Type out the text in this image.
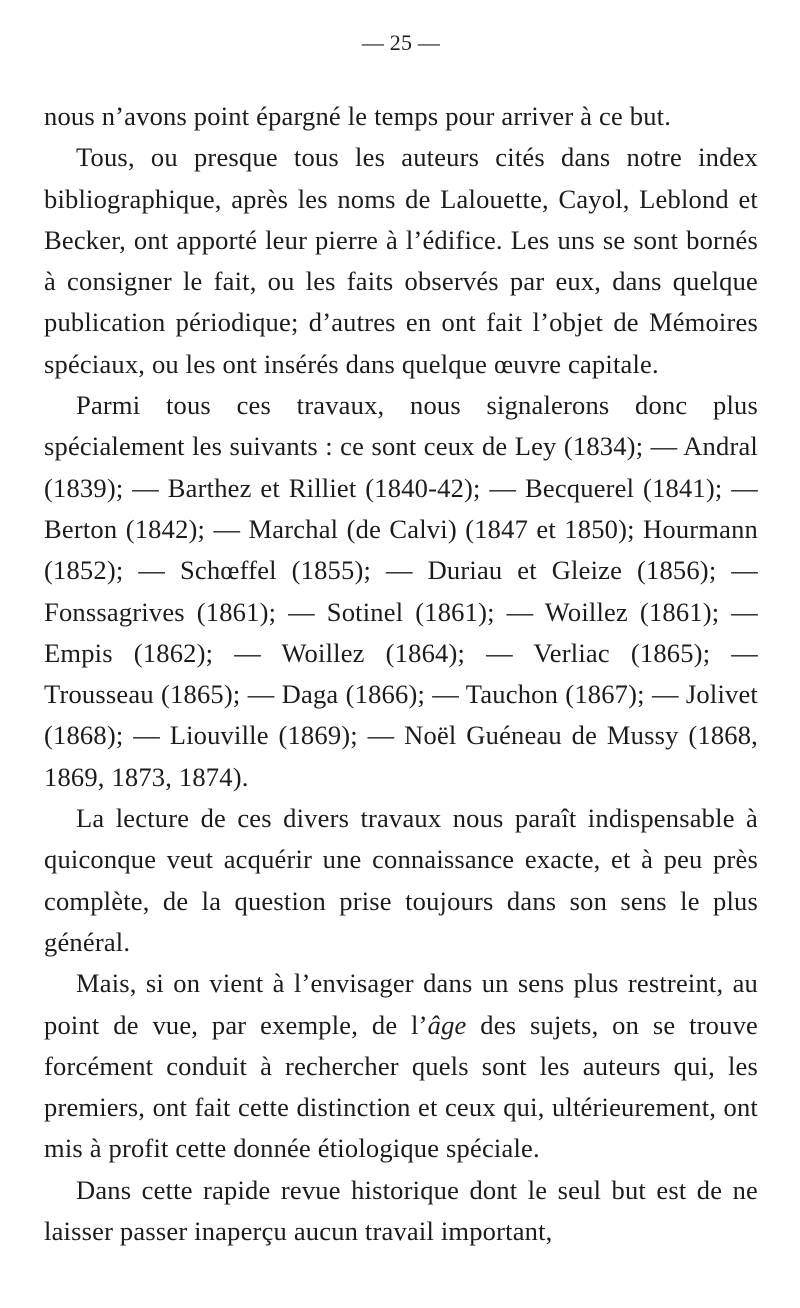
— 25 —

nous n’avons point épargné le temps pour arriver à ce but.

Tous, ou presque tous les auteurs cités dans notre index bibliographique, après les noms de Lalouette, Cayol, Leblond et Becker, ont apporté leur pierre à l’édifice. Les uns se sont bornés à consigner le fait, ou les faits observés par eux, dans quelque publication périodique; d’autres en ont fait l’objet de Mémoires spéciaux, ou les ont insérés dans quelque œuvre capitale.

Parmi tous ces travaux, nous signalerons donc plus spécialement les suivants : ce sont ceux de Ley (1834); — Andral (1839); — Barthez et Rilliet (1840-42); — Becquerel (1841); — Berton (1842); — Marchal (de Calvi) (1847 et 1850); Hourmann (1852); — Schœffel (1855); — Duriau et Gleize (1856); — Fonssagrives (1861); — Sotinel (1861); — Woillez (1861); — Empis (1862); — Woillez (1864); — Verliac (1865); — Trousseau (1865); — Daga (1866); — Tauchon (1867); — Jolivet (1868); — Liouville (1869); — Noël Guéneau de Mussy (1868, 1869, 1873, 1874).

La lecture de ces divers travaux nous paraît indispensable à quiconque veut acquérir une connaissance exacte, et à peu près complète, de la question prise toujours dans son sens le plus général.

Mais, si on vient à l’envisager dans un sens plus restreint, au point de vue, par exemple, de l’âge des sujets, on se trouve forcément conduit à rechercher quels sont les auteurs qui, les premiers, ont fait cette distinction et ceux qui, ultérieurement, ont mis à profit cette donnée étiologique spéciale.

Dans cette rapide revue historique dont le seul but est de ne laisser passer inaperçu aucun travail important,
